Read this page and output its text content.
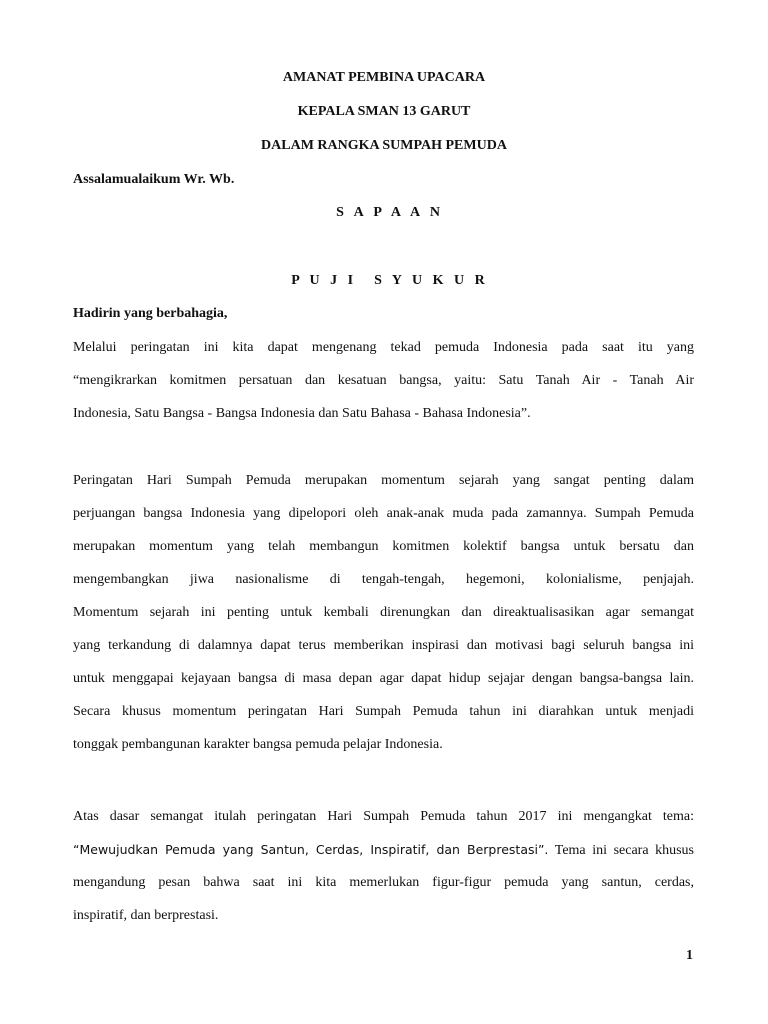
AMANAT PEMBINA UPACARA
KEPALA SMAN 13 GARUT
DALAM RANGKA SUMPAH PEMUDA
Assalamualaikum Wr. Wb.
S   A   P   A   A   N
P   U   J   I      S   Y   U   K   U   R
Hadirin yang berbahagia,
Melalui peringatan ini kita dapat mengenang tekad pemuda Indonesia pada saat itu yang
“mengikrarkan komitmen persatuan dan kesatuan bangsa, yaitu: Satu Tanah Air - Tanah Air
Indonesia, Satu Bangsa - Bangsa Indonesia dan Satu Bahasa - Bahasa Indonesia”.
Peringatan Hari Sumpah Pemuda merupakan momentum sejarah yang sangat penting dalam
perjuangan bangsa Indonesia yang dipelopori oleh anak-anak muda pada zamannya. Sumpah Pemuda
merupakan momentum yang telah membangun komitmen kolektif bangsa untuk bersatu dan
mengembangkan jiwa nasionalisme di tengah-tengah, hegemoni, kolonialisme, penjajah.
Momentum sejarah ini penting untuk kembali direnungkan dan direaktualisasikan agar semangat
yang terkandung di dalamnya dapat terus memberikan inspirasi dan motivasi bagi seluruh bangsa ini
untuk menggapai kejayaan bangsa di masa depan agar dapat hidup sejajar dengan bangsa-bangsa lain.
Secara khusus momentum peringatan Hari Sumpah Pemuda tahun ini diarahkan untuk menjadi
tonggak pembangunan karakter bangsa pemuda pelajar Indonesia.
Atas dasar semangat itulah peringatan Hari Sumpah Pemuda tahun 2017 ini mengangkat tema:
“Mewujudkan Pemuda yang Santun, Cerdas, Inspiratif, dan Berprestasi”. Tema ini secara khusus
mengandung pesan bahwa saat ini kita memerlukan figur-figur pemuda yang santun, cerdas,
inspiratif, dan berprestasi.
1
